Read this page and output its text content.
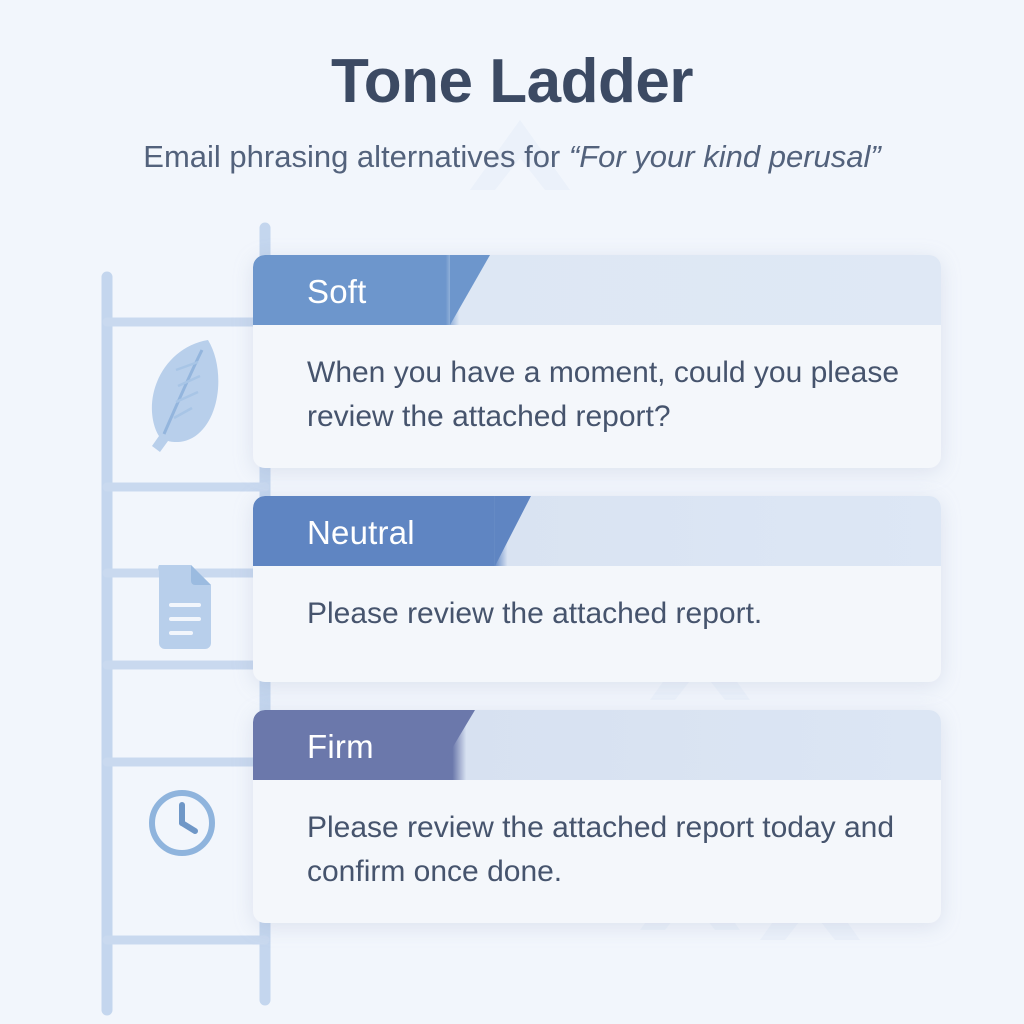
Tone Ladder
Email phrasing alternatives for “For your kind perusal”
Soft

When you have a moment, could you please review the attached report?

Neutral

Please review the attached report.

Firm

Please review the attached report today and confirm once done.
